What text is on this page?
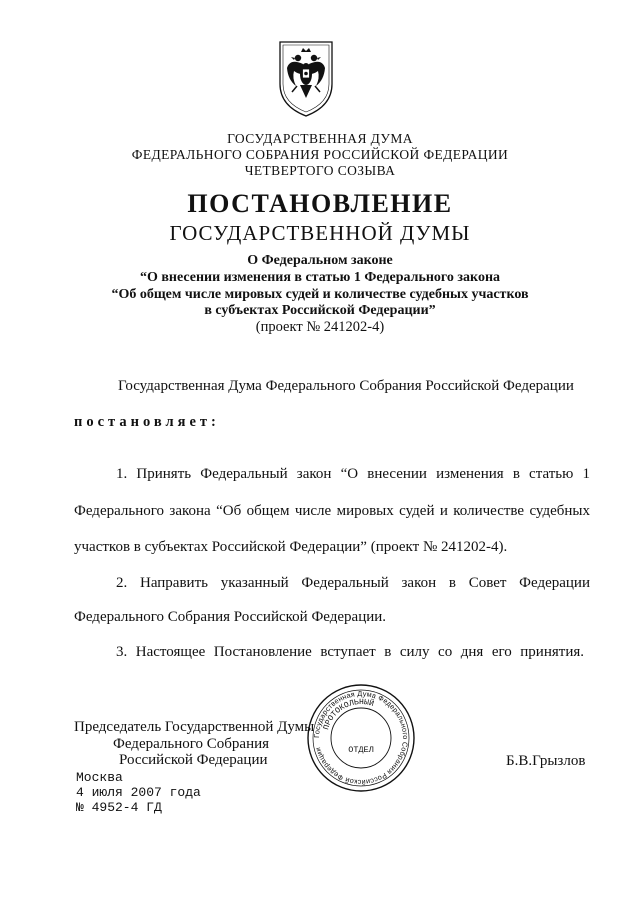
ГОСУДАРСТВЕННАЯ ДУМА
ФЕДЕРАЛЬНОГО СОБРАНИЯ РОССИЙСКОЙ ФЕДЕРАЦИИ
ЧЕТВЕРТОГО СОЗЫВА
ПОСТАНОВЛЕНИЕ
ГОСУДАРСТВЕННОЙ ДУМЫ
О Федеральном законе
“О внесении изменения в статью 1 Федерального закона
“Об общем числе мировых судей и количестве судебных участков
в субъектах Российской Федерации”
(проект № 241202-4)
Государственная Дума Федерального Собрания Российской Федерации
постановляет:
1. Принять Федеральный закон “О внесении изменения в статью 1
Федерального закона “Об общем числе мировых судей и количестве судебных
участков в субъектах Российской Федерации” (проект № 241202-4).
2. Направить указанный Федеральный закон в Совет Федерации
Федерального Собрания Российской Федерации.
3. Настоящее Постановление вступает в силу со дня его принятия.
Председатель Государственной Думы
Федерального Собрания
Российской Федерации	Б.В.Грызлов
Государственная Дума Федерального Собрания Российской Федерации
ПРОТОКОЛЬНЫЙ
ОТДЕЛ
Москва
4 июля 2007 года
№ 4952-4 ГД
